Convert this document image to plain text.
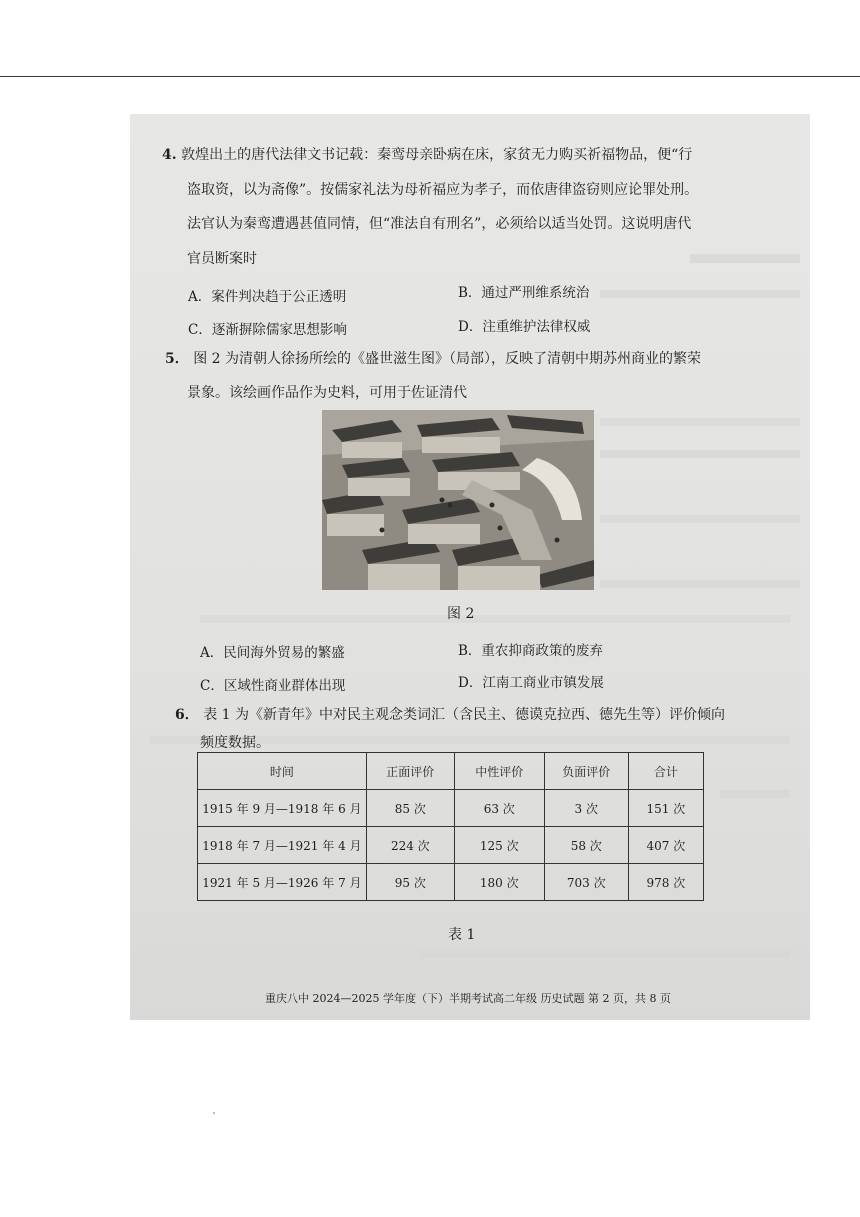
4. 敦煌出土的唐代法律文书记载：秦鸾母亲卧病在床，家贫无力购买祈福物品，便“行
盗取资，以为斋像”。按儒家礼法为母祈福应为孝子，而依唐律盗窃则应论罪处刑。
法官认为秦鸾遭遇甚值同情，但“准法自有刑名”，必须给以适当处罚。这说明唐代
官员断案时
A．案件判决趋于公正透明	B．通过严刑维系统治
C．逐渐摒除儒家思想影响	D．注重维护法律权威
5． 图 2 为清朝人徐扬所绘的《盛世滋生图》（局部），反映了清朝中期苏州商业的繁荣
景象。该绘画作品作为史料，可用于佐证清代
图 2
A．民间海外贸易的繁盛	B．重农抑商政策的废弃
C．区域性商业群体出现	D．江南工商业市镇发展
6． 表 1 为《新青年》中对民主观念类词汇（含民主、德谟克拉西、德先生等）评价倾向
频度数据。
时间	正面评价	中性评价	负面评价	合计
1915 年 9 月—1918 年 6 月	85 次	63 次	3 次	151 次
1918 年 7 月—1921 年 4 月	224 次	125 次	58 次	407 次
1921 年 5 月—1926 年 7 月	95 次	180 次	703 次	978 次
表 1
重庆八中 2024—2025 学年度（下）半期考试高二年级 历史试题 第 2 页，共 8 页
